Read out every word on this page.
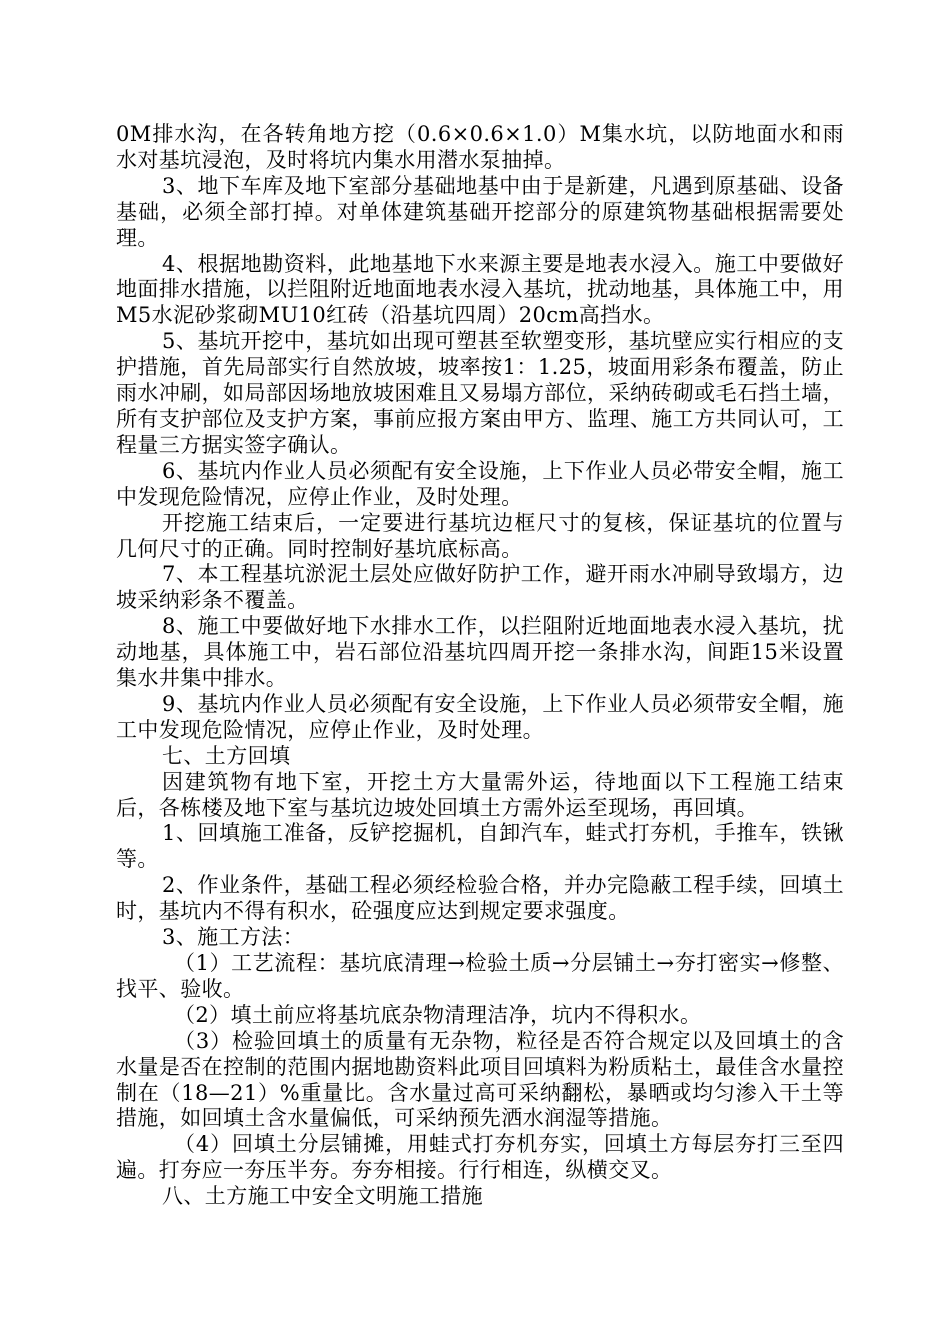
0M排水沟，在各转角地方挖（0.6×0.6×1.0）M集水坑，以防地面水和雨水对基坑浸泡，及时将坑内集水用潜水泵抽掉。

3、地下车库及地下室部分基础地基中由于是新建，凡遇到原基础、设备基础，必须全部打掉。对单体建筑基础开挖部分的原建筑物基础根据需要处理。

4、根据地勘资料，此地基地下水来源主要是地表水浸入。施工中要做好地面排水措施，以拦阻附近地面地表水浸入基坑，扰动地基，具体施工中，用M5水泥砂浆砌MU10红砖（沿基坑四周）20cm高挡水。

5、基坑开挖中，基坑如出现可塑甚至软塑变形，基坑壁应实行相应的支护措施，首先局部实行自然放坡，坡率按1：1.25，坡面用彩条布覆盖，防止雨水冲刷，如局部因场地放坡困难且又易塌方部位，采纳砖砌或毛石挡土墙，所有支护部位及支护方案，事前应报方案由甲方、监理、施工方共同认可，工程量三方据实签字确认。

6、基坑内作业人员必须配有安全设施，上下作业人员必带安全帽，施工中发现危险情况，应停止作业，及时处理。

开挖施工结束后，一定要进行基坑边框尺寸的复核，保证基坑的位置与几何尺寸的正确。同时控制好基坑底标高。

7、本工程基坑淤泥土层处应做好防护工作，避开雨水冲刷导致塌方，边坡采纳彩条不覆盖。

8、施工中要做好地下水排水工作，以拦阻附近地面地表水浸入基坑，扰动地基，具体施工中，岩石部位沿基坑四周开挖一条排水沟，间距15米设置集水井集中排水。

9、基坑内作业人员必须配有安全设施，上下作业人员必须带安全帽，施工中发现危险情况，应停止作业，及时处理。

七、土方回填

因建筑物有地下室，开挖土方大量需外运，待地面以下工程施工结束后，各栋楼及地下室与基坑边坡处回填土方需外运至现场，再回填。

1、回填施工准备，反铲挖掘机，自卸汽车，蛙式打夯机，手推车，铁锹等。

2、作业条件，基础工程必须经检验合格，并办完隐蔽工程手续，回填土时，基坑内不得有积水，砼强度应达到规定要求强度。

3、施工方法：

（1）工艺流程：基坑底清理→检验土质→分层铺土→夯打密实→修整、找平、验收。

（2）填土前应将基坑底杂物清理洁净，坑内不得积水。

（3）检验回填土的质量有无杂物，粒径是否符合规定以及回填土的含水量是否在控制的范围内据地勘资料此项目回填料为粉质粘土，最佳含水量控制在（18—21）%重量比。含水量过高可采纳翻松，暴晒或均匀渗入干土等措施，如回填土含水量偏低，可采纳预先洒水润湿等措施。

（4）回填土分层铺摊，用蛙式打夯机夯实，回填土方每层夯打三至四遍。打夯应一夯压半夯。夯夯相接。行行相连，纵横交叉。

八、土方施工中安全文明施工措施
